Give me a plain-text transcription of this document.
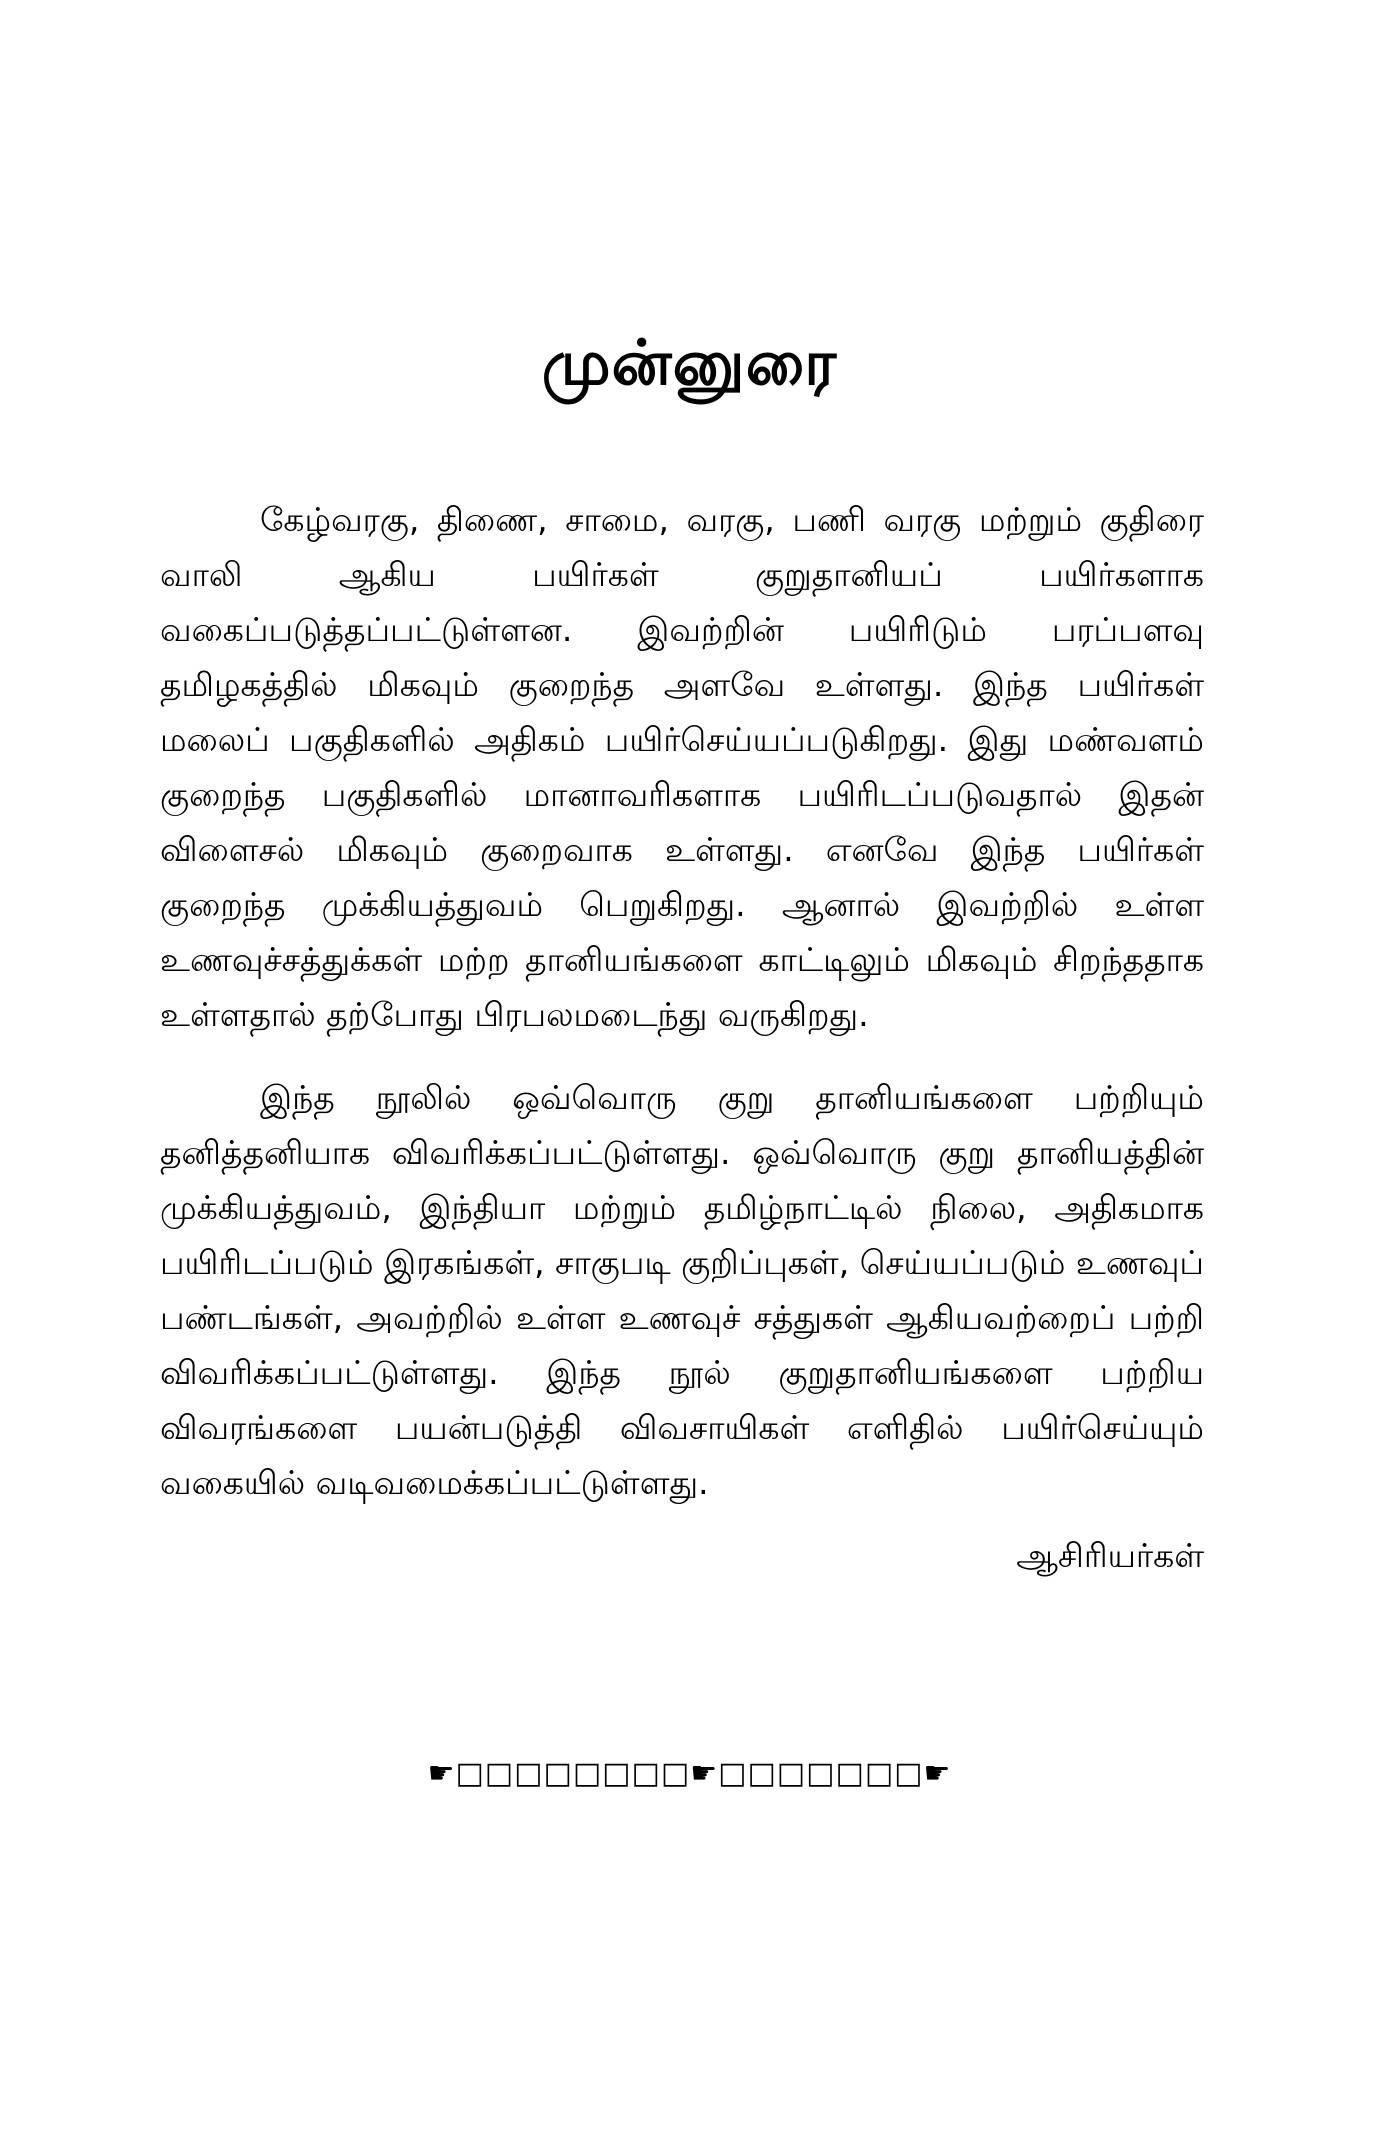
முன்னுரை

கேழ்வரகு, திணை, சாமை, வரகு, பணி வரகு மற்றும் குதிரை வாலி ஆகிய பயிர்கள் குறுதானியப் பயிர்களாக வகைப்படுத்தப்பட்டுள்ளன. இவற்றின் பயிரிடும் பரப்பளவு தமிழகத்தில் மிகவும் குறைந்த அளவே உள்ளது. இந்த பயிர்கள் மலைப் பகுதிகளில் அதிகம் பயிர்செய்யப்படுகிறது. இது மண்வளம் குறைந்த பகுதிகளில் மானாவரிகளாக பயிரிடப்படுவதால் இதன் விளைசல் மிகவும் குறைவாக உள்ளது. எனவே இந்த பயிர்கள் குறைந்த முக்கியத்துவம் பெறுகிறது. ஆனால் இவற்றில் உள்ள உணவுச்சத்துக்கள் மற்ற தானியங்களை காட்டிலும் மிகவும் சிறந்ததாக உள்ளதால் தற்போது பிரபலமடைந்து வருகிறது.

இந்த நூலில் ஒவ்வொரு குறு தானியங்களை பற்றியும் தனித்தனியாக விவரிக்கப்பட்டுள்ளது. ஒவ்வொரு குறு தானியத்தின் முக்கியத்துவம், இந்தியா மற்றும் தமிழ்நாட்டில் நிலை, அதிகமாக பயிரிடப்படும் இரகங்கள், சாகுபடி குறிப்புகள், செய்யப்படும் உணவுப் பண்டங்கள், அவற்றில் உள்ள உணவுச் சத்துகள் ஆகியவற்றைப் பற்றி விவரிக்கப்பட்டுள்ளது. இந்த நூல் குறுதானியங்களை பற்றிய விவரங்களை பயன்படுத்தி விவசாயிகள் எளிதில் பயிர்செய்யும் வகையில் வடிவமைக்கப்பட்டுள்ளது.

ஆசிரியர்கள்
☛□□□□□□□□☛□□□□□□□☛
